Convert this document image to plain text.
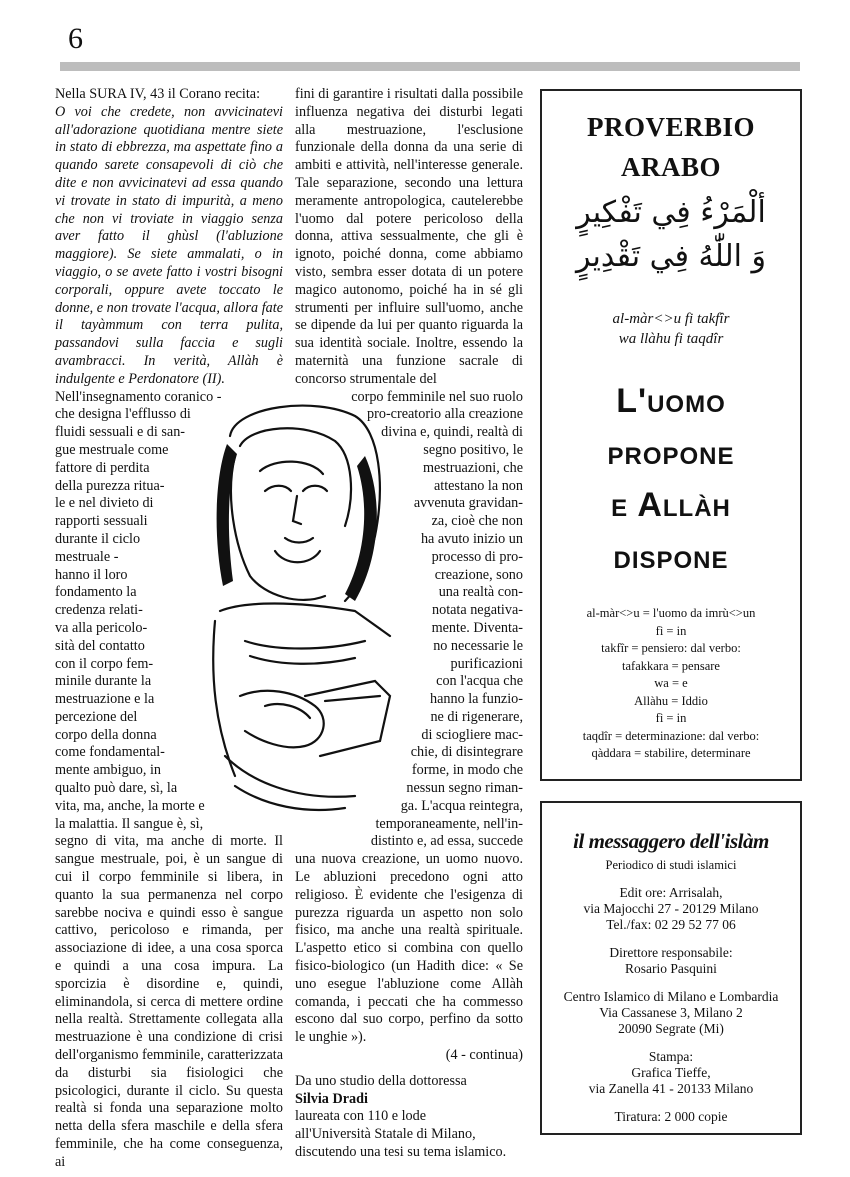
6

Nella SURA IV, 43 il Corano recita:

O voi che credete, non avvicinatevi all'adorazione quotidiana mentre siete in stato di ebbrezza, ma aspettate fino a quando sarete consapevoli di ciò che dite e non avvicinatevi ad essa quando vi trovate in stato di impurità, a meno che non vi troviate in viaggio senza aver fatto il ghùsl (l'abluzione maggiore). Se siete ammalati, o in viaggio, o se avete fatto i vostri bisogni corporali, oppure avete toccato le donne, e non trovate l'acqua, allora fate il tayàmmum con terra pulita, passandovi sulla faccia e sugli avambracci. In verità, Allàh è indulgente e Perdonatore (II).

Nell'insegnamento coranico -
che designa l'efflusso di
fluidi sessuali e di san-
gue mestruale come
fattore di perdita
della purezza ritua-
le e nel divieto di
rapporti sessuali
durante il ciclo
mestruale -
hanno il loro
fondamento la
credenza relati-
va alla pericolo-
sità del contatto
con il corpo fem-
minile durante la
mestruazione e la
percezione del
corpo della donna
come fondamental-
mente ambiguo, in
qualto può dare, sì, la
vita, ma, anche, la morte e
la malattia. Il sangue è, sì,

segno di vita, ma anche di morte. Il sangue mestruale, poi, è un sangue di cui il corpo femminile si libera, in quanto la sua permanenza nel corpo sarebbe nociva e quindi esso è sangue cattivo, pericoloso e rimanda, per associazione di idee, a una cosa sporca e quindi a una cosa impura. La sporcizia è disordine e, quindi, eliminandola, si cerca di mettere ordine nella realtà. Strettamente collegata alla mestruazione è una condizione di crisi dell'organismo femminile, caratterizzata da disturbi sia fisiologici che psicologici, durante il ciclo. Su questa realtà si fonda una separazione molto netta della sfera maschile e della sfera femminile, che ha come conseguenza, ai

fini di garantire i risultati dalla possibile influenza negativa dei disturbi legati alla mestruazione, l'esclusione funzionale della donna da una serie di ambiti e attività, nell'interesse generale. Tale separazione, secondo una lettura meramente antropologica, cautelerebbe l'uomo dal potere pericoloso della donna, attiva sessualmente, che gli è ignoto, poiché donna, come abbiamo visto, sembra esser dotata di un potere magico autonomo, poiché ha in sé gli strumenti per influire sull'uomo, anche se dipende da lui per quanto riguarda la sua identità sociale. Inoltre, essendo la maternità una funzione sacrale di concorso strumentale del

corpo femminile nel suo ruolo
pro-creatorio alla creazione
divina e, quindi, realtà di
segno positivo, le
mestruazioni, che
attestano la non
avvenuta gravidan-
za, cioè che non
ha avuto inizio un
processo di pro-
creazione, sono
una realtà con-
notata negativa-
mente. Diventa-
no necessarie le
purificazioni
con l'acqua che
hanno la funzio-
ne di rigenerare,
di sciogliere mac-
chie, di disintegrare
forme, in modo che
nessun segno riman-
ga. L'acqua reintegra,
temporaneamente, nell'in-
distinto e, ad essa, succede

una nuova creazione, un uomo nuovo. Le abluzioni precedono ogni atto religioso. È evidente che l'esigenza di purezza riguarda un aspetto non solo fisico, ma anche una realtà spirituale. L'aspetto etico si combina con quello fisico-biologico (un Hadith dice: « Se uno esegue l'abluzione come Allàh comanda, i peccati che ha commesso escono dal suo corpo, perfino da sotto le unghie »).

(4 - continua)

Da uno studio della dottoressa
Silvia Dradi
laureata con 110 e lode
all'Università Statale di Milano,
discutendo una tesi su tema islamico.
PROVERBIO
ARABO
ألْمَرْءُ فِي تَفْكِيرٍ
وَ اللّٰهُ فِي تَقْدِيرٍ
al-màr<>u fi takfîr
wa llàhu fi taqdîr
L'uomo
propone
e Allàh
dispone
al-màr<>u = l'uomo da imrù<>un
fì = in
takfîr = pensiero: dal verbo:
tafakkara = pensare
wa = e
Allàhu = Iddio
fì = in
taqdîr = determinazione: dal verbo:
qàddara = stabilire, determinare
il messaggero dell'islàm
Periodico di studi islamici
Edit ore: Arrisalah,
via Majocchi 27 - 20129 Milano
Tel./fax: 02 29 52 77 06
Direttore responsabile:
Rosario Pasquini
Centro Islamico di Milano e Lombardia
Via Cassanese 3, Milano 2
20090 Segrate (Mi)
Stampa:
Grafica Tieffe,
via Zanella 41 - 20133 Milano
Tiratura: 2 000 copie
